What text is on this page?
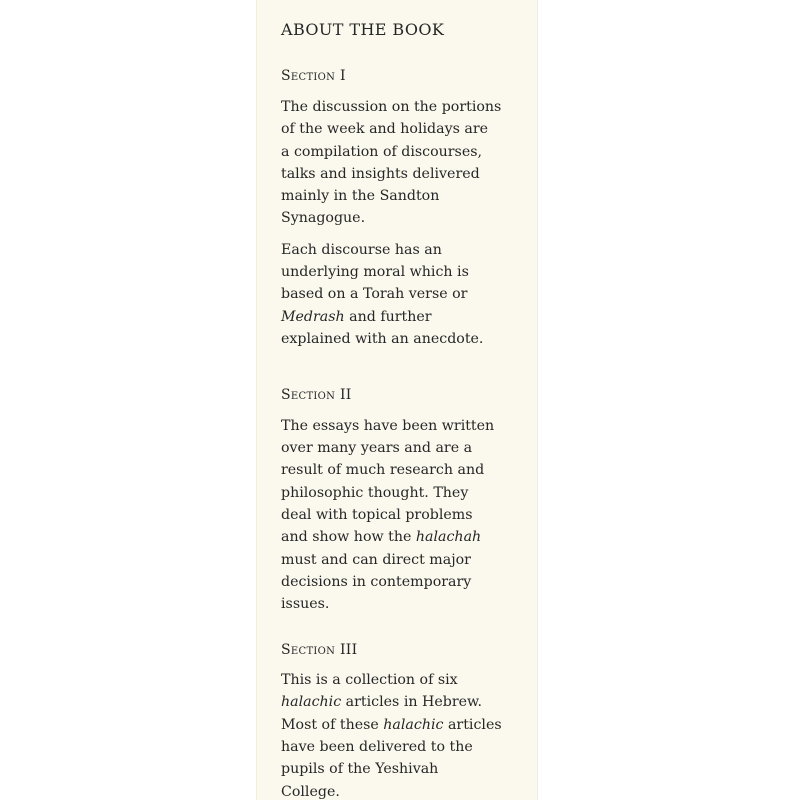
ABOUT THE BOOK
Section I

The discussion on the portions
of the week and holidays are
a compilation of discourses,
talks and insights delivered
mainly in the Sandton
Synagogue.

Each discourse has an
underlying moral which is
based on a Torah verse or
Medrash and further
explained with an anecdote.

Section II

The essays have been written
over many years and are a
result of much research and
philosophic thought. They
deal with topical problems
and show how the halachah
must and can direct major
decisions in contemporary
issues.

Section III

This is a collection of six
halachic articles in Hebrew.
Most of these halachic articles
have been delivered to the
pupils of the Yeshivah
College.
